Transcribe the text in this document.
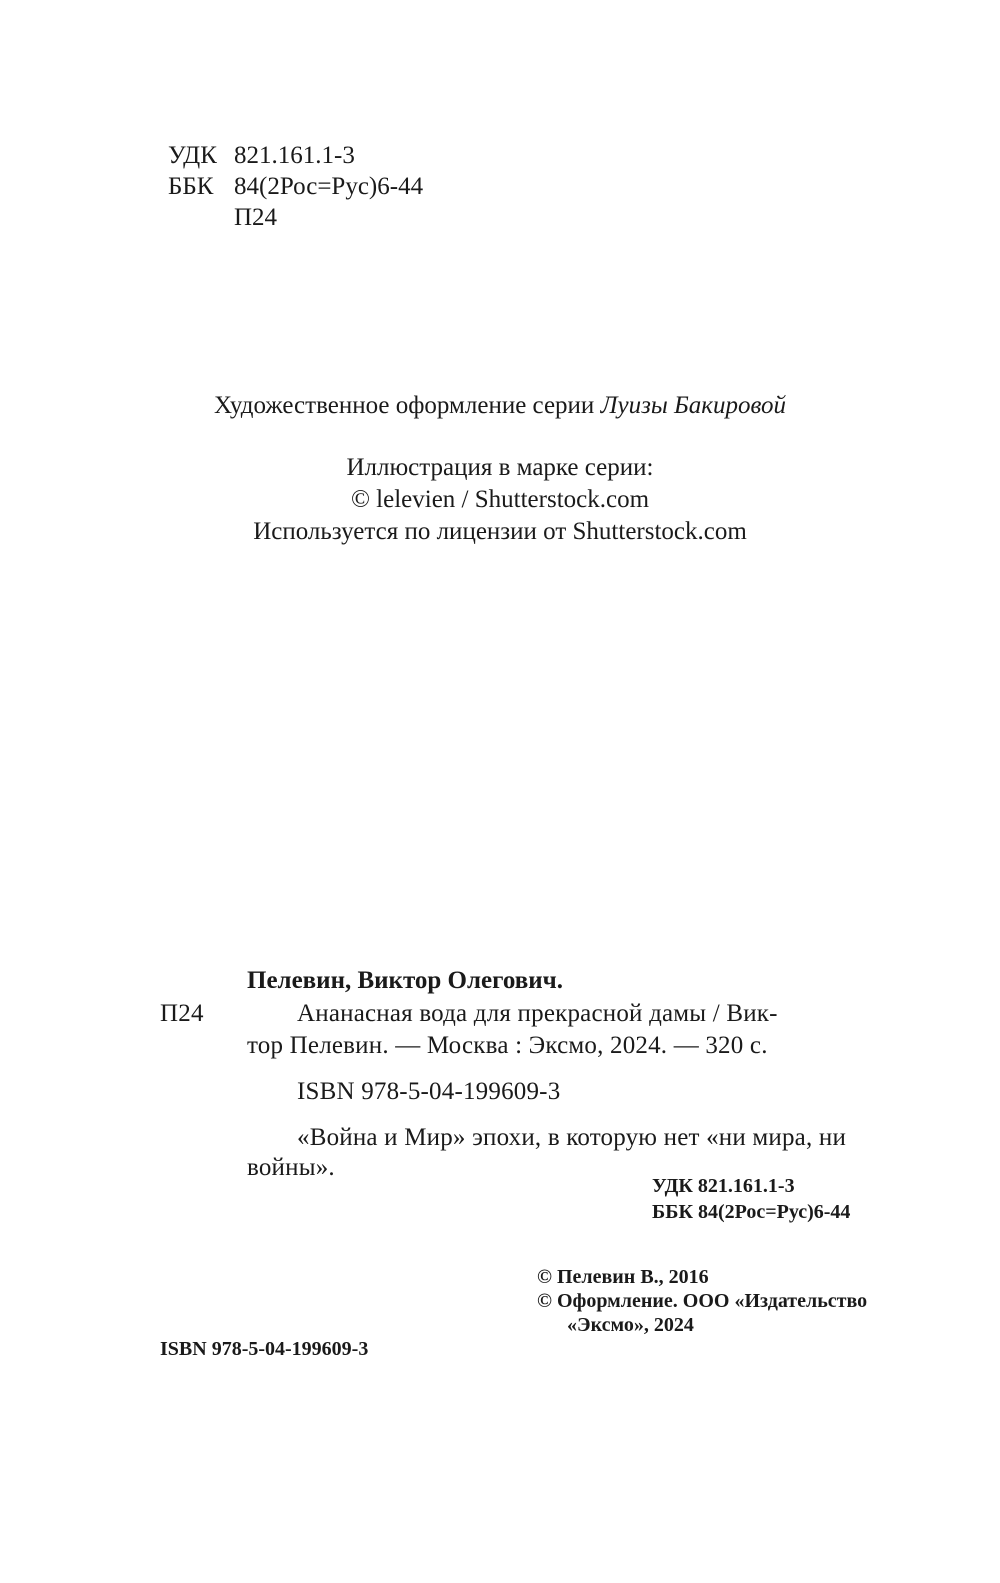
УДК 821.161.1-3
ББК 84(2Рос=Рус)6-44
П24
Художественное оформление серии Луизы Бакировой
Иллюстрация в марке серии:
© lelevien / Shutterstock.com
Используется по лицензии от Shutterstock.com
Пелевин, Виктор Олегович.
П24	Ананасная вода для прекрасной дамы / Вик-
тор Пелевин. — Москва : Эксмо, 2024. — 320 с.
ISBN 978-5-04-199609-3
«Война и Мир» эпохи, в которую нет «ни мира, ни
войны».
УДК 821.161.1-3
ББК 84(2Рос=Рус)6-44
© Пелевин В., 2016
© Оформление. ООО «Издательство
«Эксмо», 2024
ISBN 978-5-04-199609-3
